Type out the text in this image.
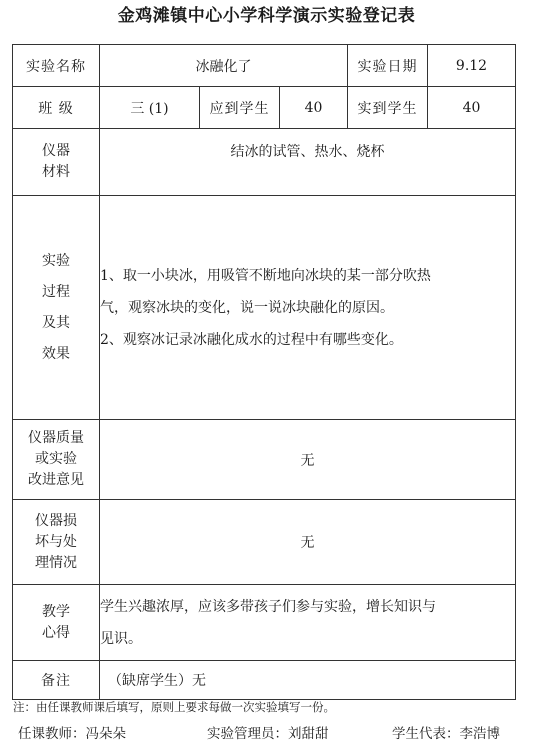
金鸡滩镇中心小学科学演示实验登记表
实验名称	冰融化了			实验日期	9.12
班 级	三 (1)	应到学生	40	实到学生	40

仪器
材料	结冰的试管、热水、烧杯				

实验
过程
及其
效果	1、取一小块冰，用吸管不断地向冰块的某一部分吹热
气，观察冰块的变化，说一说冰块融化的原因。
2、观察冰记录冰融化成水的过程中有哪些变化。				

仪器质量
或实验
改进意见	无				

仪器损
坏与处
理情况	无				

教学
心得	学生兴趣浓厚，应该多带孩子们参与实验，增长知识与
见识。				

备注	（缺席学生）无				
注：由任课教师课后填写，原则上要求每做一次实验填写一份。
任课教师：冯朵朵	实验管理员：刘甜甜	学生代表：李浩博
